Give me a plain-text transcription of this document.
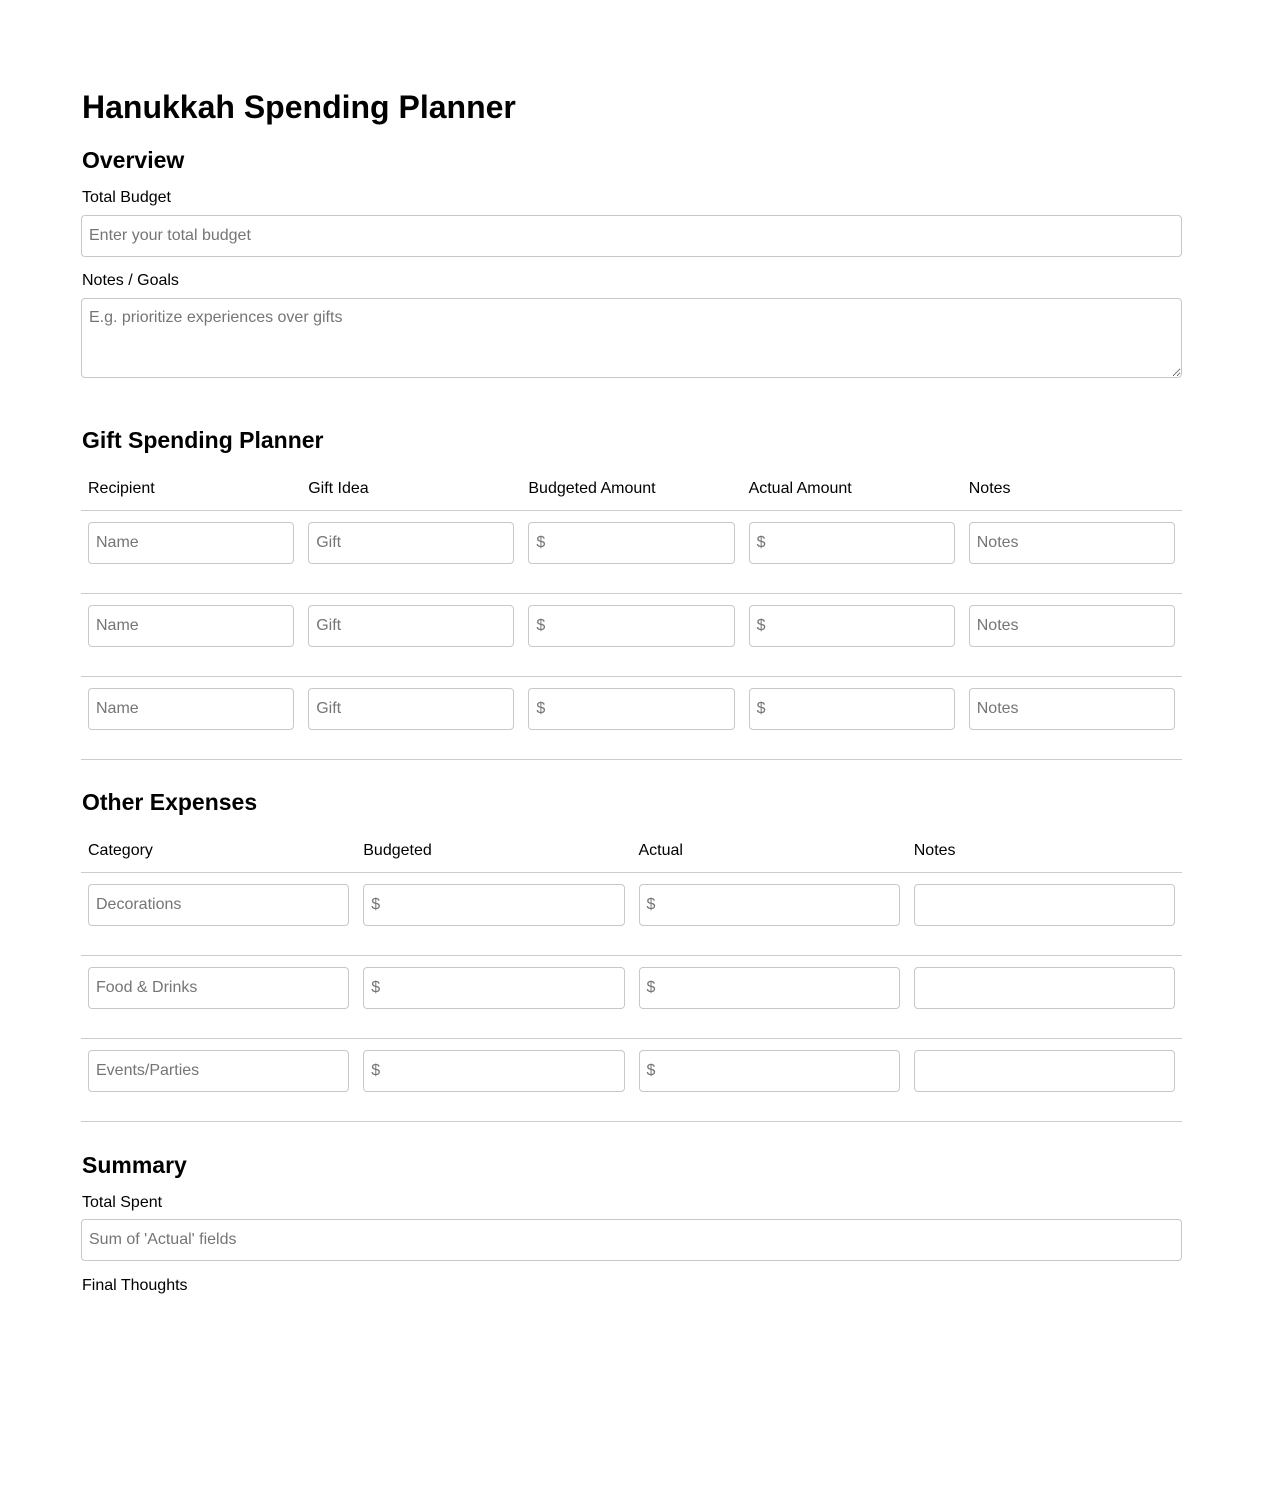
Hanukkah Spending Planner
Overview
Total Budget
Enter your total budget
Notes / Goals
E.g. prioritize experiences over gifts
Gift Spending Planner
Recipient	Gift Idea	Budgeted Amount	Actual Amount	Notes

Name	Gift	$	$	Notes

Name	Gift	$	$	Notes

Name	Gift	$	$	Notes
Other Expenses
Category	Budgeted	Actual	Notes

Decorations	$	$

Food & Drinks	$	$

Events/Parties	$	$

Summary
Total Spent
Sum of 'Actual' fields
Final Thoughts
